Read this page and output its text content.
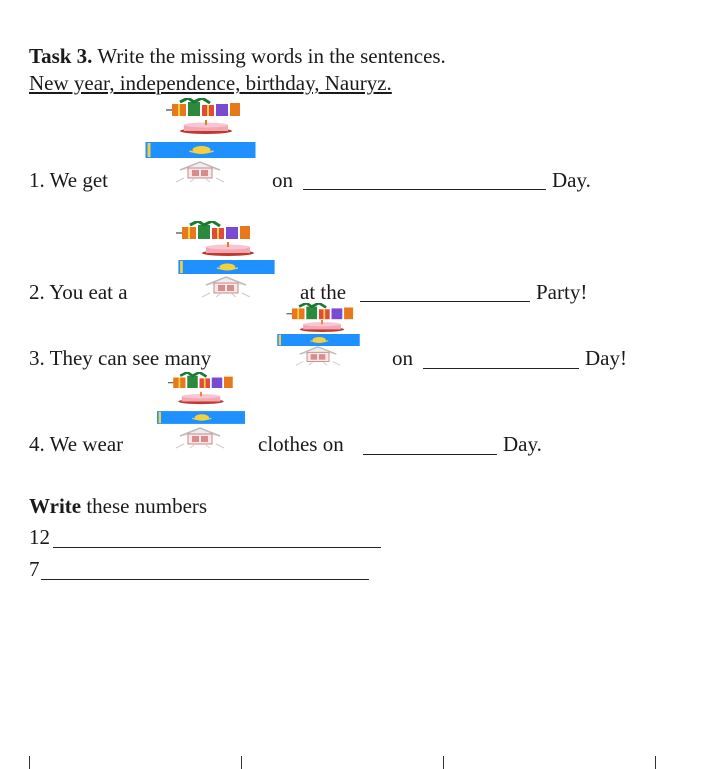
Task 3. Write the missing words in the sentences.
New year, independence, birthday, Nauryz.
1. We get	on	Day.
2. You eat a	at the	Party!
3. They can see many	on	Day!
4. We wear	clothes on	Day.
Write these numbers
12
7
